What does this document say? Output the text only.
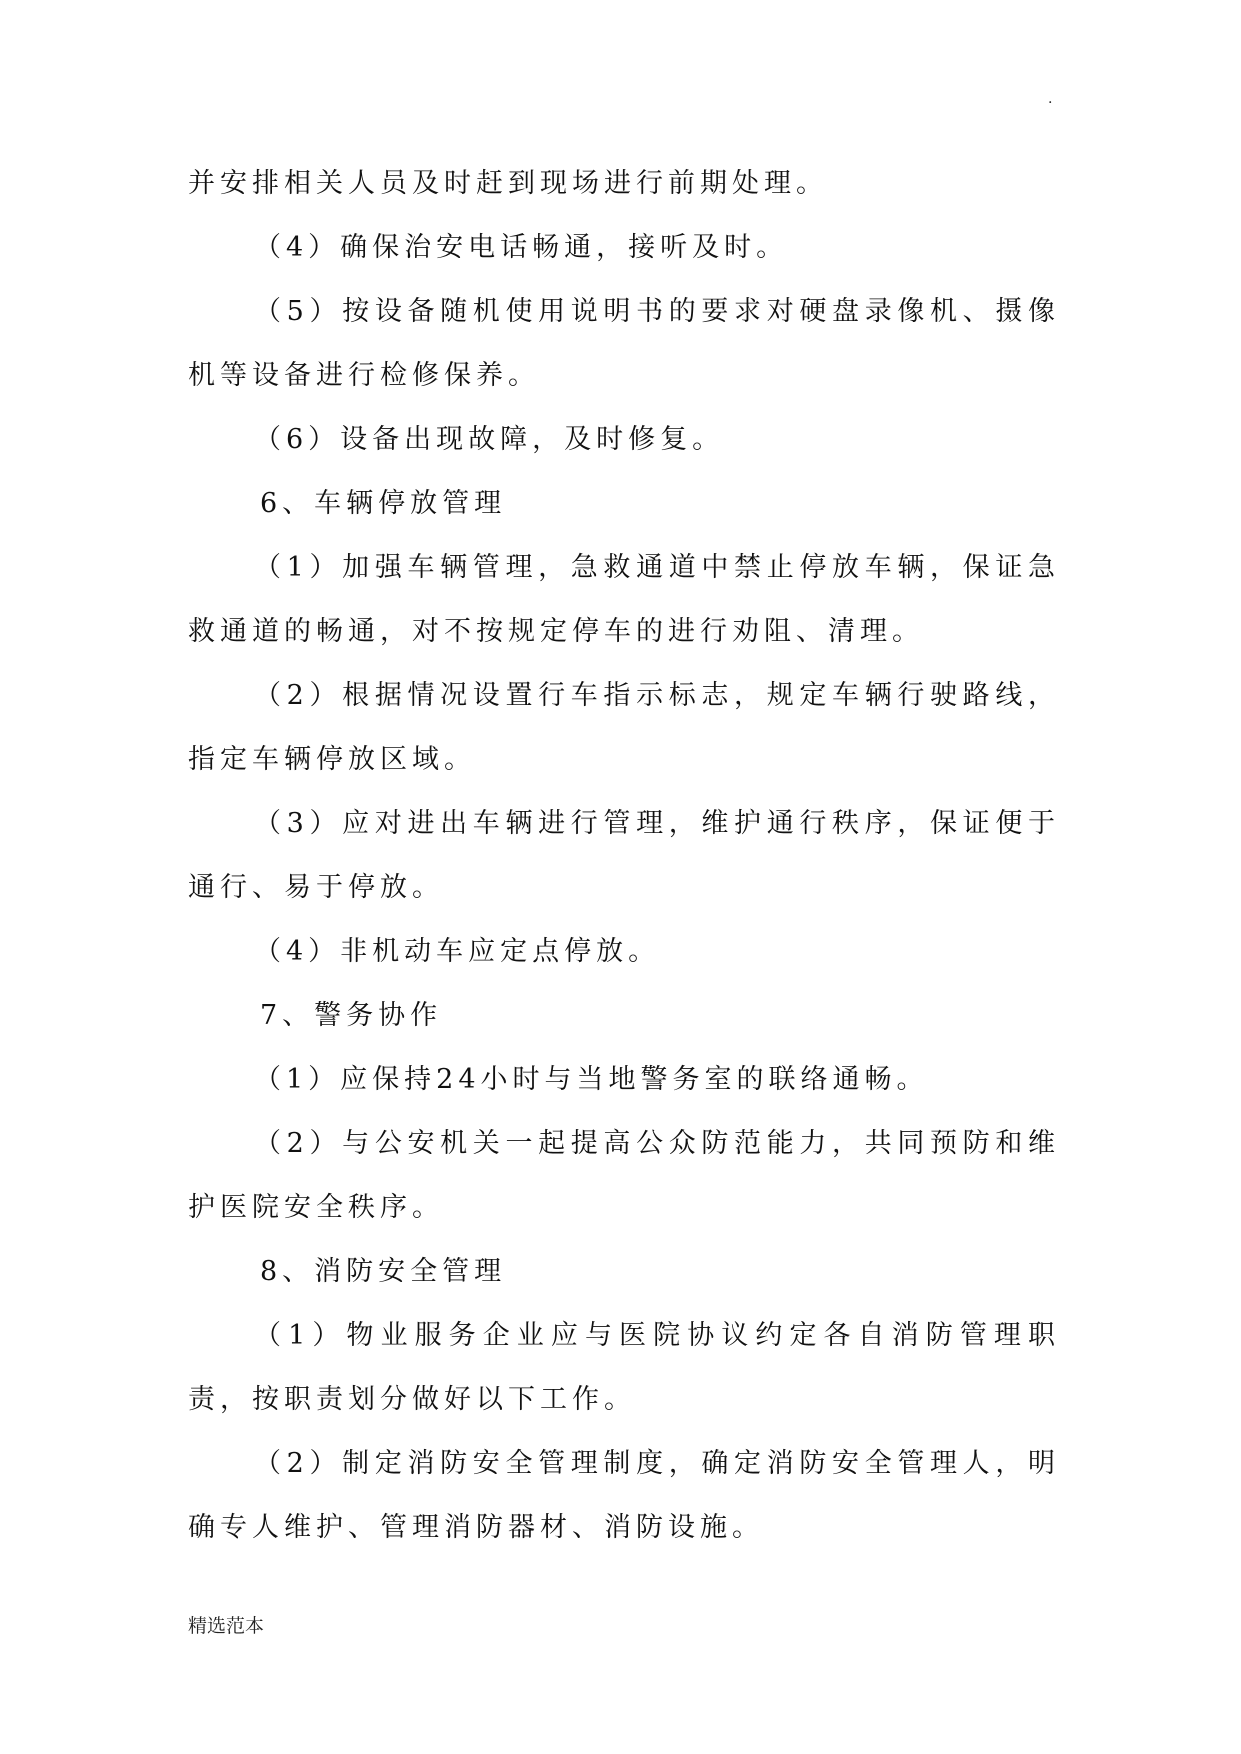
.

并安排相关人员及时赶到现场进行前期处理。

（4）确保治安电话畅通，接听及时。

（5）按设备随机使用说明书的要求对硬盘录像机、摄像机等设备进行检修保养。

（6）设备出现故障，及时修复。

6、车辆停放管理

（1）加强车辆管理，急救通道中禁止停放车辆，保证急救通道的畅通，对不按规定停车的进行劝阻、清理。

（2）根据情况设置行车指示标志，规定车辆行驶路线，指定车辆停放区域。

（3）应对进出车辆进行管理，维护通行秩序，保证便于通行、易于停放。

（4）非机动车应定点停放。

7、警务协作

（1）应保持24小时与当地警务室的联络通畅。

（2）与公安机关一起提高公众防范能力，共同预防和维护医院安全秩序。

8、消防安全管理

（1）物业服务企业应与医院协议约定各自消防管理职责，按职责划分做好以下工作。

（2）制定消防安全管理制度，确定消防安全管理人，明确专人维护、管理消防器材、消防设施。

精选范本
